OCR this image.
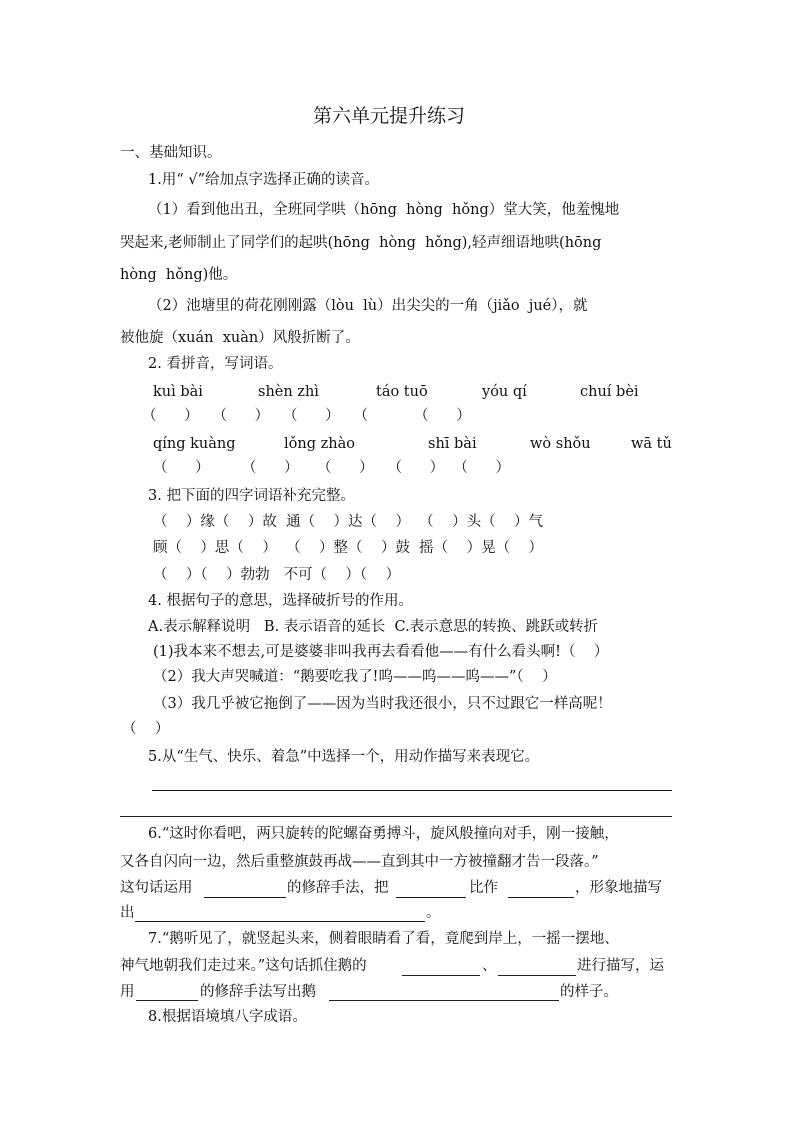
第六单元提升练习
一、基础知识。
1.用“ √”给加点字选择正确的读音。
（1）看到他出丑，全班同学哄（hōng  hòng  hǒng）堂大笑，他羞愧地
哭起来,老师制止了同学们的起哄(hōng  hòng  hǒng),轻声细语地哄(hōng
hòng  hǒng)他。
（2）池塘里的荷花刚刚露（lòu  lù）出尖尖的一角（jiǎo  jué），就
被他旋（xuán  xuàn）风般折断了。
2. 看拼音，写词语。
kuì bài	shèn zhì	táo tuō	yóu qí	chuí bèi
（      ）   （      ）   （      ）   （          （      ）
qíng kuàng	lǒng zhào	shī bài	wò shǒu	wā tǔ
（      ）       （      ）    （      ）   （      ）  （      ）
3. 把下面的四字词语补充完整。
（    ）缘（    ）故  通（    ）达（    ）  （    ）头（    ）气
顾（    ）思（    ）  （    ）整（    ）鼓  摇（    ）晃（    ）
（    ）（    ）勃勃   不可（    ）（    ）
4. 根据句子的意思，选择破折号的作用。
A.表示解释说明   B. 表示语音的延长  C.表示意思的转换、跳跃或转折
(1)我本来不想去,可是婆婆非叫我再去看看他——有什么看头啊!（    ）
（2）我大声哭喊道：“鹅要吃我了!呜——呜——呜——”（    ）
（3）我几乎被它拖倒了——因为当时我还很小，只不过跟它一样高呢！
（    ）
5.从“生气、快乐、着急”中选择一个，用动作描写来表现它。
6.“这时你看吧，两只旋转的陀螺奋勇搏斗，旋风般撞向对手，刚一接触，
又各自闪向一边，然后重整旗鼓再战——直到其中一方被撞翻才告一段落。”
这句话运用	的修辞手法，把	比作	，形象地描写
出	。
7.“鹅听见了，就竖起头来，侧着眼睛看了看，竟爬到岸上，一摇一摆地、
神气地朝我们走过来。”这句话抓住鹅的	、	进行描写，运
用	的修辞手法写出鹅	的样子。
8.根据语境填八字成语。
